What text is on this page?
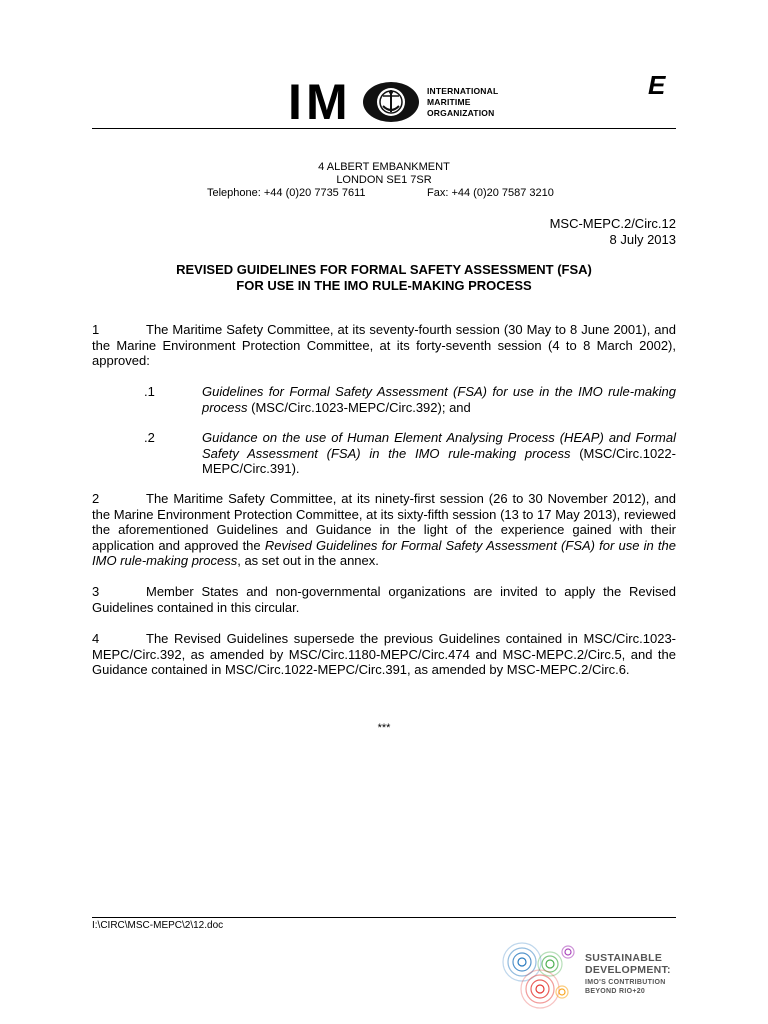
I M	INTERNATIONAL
MARITIME
ORGANIZATION
E
4 ALBERT EMBANKMENT
LONDON SE1 7SR
Telephone: +44 (0)20 7735 7611	Fax: +44 (0)20 7587 3210
MSC-MEPC.2/Circ.12
8 July 2013
REVISED GUIDELINES FOR FORMAL SAFETY ASSESSMENT (FSA)
FOR USE IN THE IMO RULE-MAKING PROCESS
1	The Maritime Safety Committee, at its seventy-fourth session (30 May to 8 June 2001), and the Marine Environment Protection Committee, at its forty-seventh session (4 to 8 March 2002), approved:
.1	Guidelines for Formal Safety Assessment (FSA) for use in the IMO rule-making process (MSC/Circ.1023-MEPC/Circ.392); and
.2	Guidance on the use of Human Element Analysing Process (HEAP) and Formal Safety Assessment (FSA) in the IMO rule-making process (MSC/Circ.1022-MEPC/Circ.391).
2	The Maritime Safety Committee, at its ninety-first session (26 to 30 November 2012), and the Marine Environment Protection Committee, at its sixty-fifth session (13 to 17 May 2013), reviewed the aforementioned Guidelines and Guidance in the light of the experience gained with their application and approved the Revised Guidelines for Formal Safety Assessment (FSA) for use in the IMO rule-making process, as set out in the annex.
3	Member States and non-governmental organizations are invited to apply the Revised Guidelines contained in this circular.
4	The Revised Guidelines supersede the previous Guidelines contained in MSC/Circ.1023-MEPC/Circ.392, as amended by MSC/Circ.1180-MEPC/Circ.474 and MSC-MEPC.2/Circ.5, and the Guidance contained in MSC/Circ.1022-MEPC/Circ.391, as amended by MSC-MEPC.2/Circ.6.
***
I:\CIRC\MSC-MEPC\2\12.doc
SUSTAINABLE
DEVELOPMENT:
IMO'S CONTRIBUTION
BEYOND RIO+20
